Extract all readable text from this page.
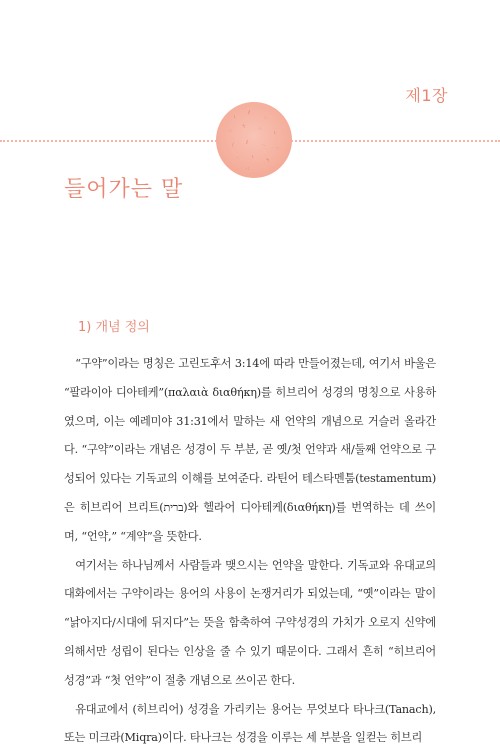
제1장
ι
ℓ
∴
·:
ϟ	⁘
ι
∕ ℓ	·.
∵
⁖	ι
ϟ
·:
들어가는 말
1) 개념 정의

“구약”이라는 명칭은 고린도후서 3:14에 따라 만들어졌는데, 여기서 바울은 “팔라이아 디아테케”(παλαιὰ διαθήκη)를 히브리어 성경의 명칭으로 사용하였으며, 이는 예레미야 31:31에서 말하는 새 언약의 개념으로 거슬러 올라간다. “구약”이라는 개념은 성경이 두 부분, 곧 옛/첫 언약과 새/둘째 언약으로 구성되어 있다는 기독교의 이해를 보여준다. 라틴어 테스타멘툼(testamentum)은 히브리어 브리트(ברית)와 헬라어 디아테케(διαθήκη)를 번역하는 데 쓰이며, “언약,” “계약”을 뜻한다.

여기서는 하나님께서 사람들과 맺으시는 언약을 말한다. 기독교와 유대교의 대화에서는 구약이라는 용어의 사용이 논쟁거리가 되었는데, “옛”이라는 말이 “낡아지다/시대에 뒤지다”는 뜻을 함축하여 구약성경의 가치가 오로지 신약에 의해서만 성립이 된다는 인상을 줄 수 있기 때문이다. 그래서 흔히 “히브리어 성경”과 “첫 언약”이 절충 개념으로 쓰이곤 한다.

유대교에서 (히브리어) 성경을 가리키는 용어는 무엇보다 타나크(Tanach), 또는 미크라(Miqra)이다. 타나크는 성경을 이루는 세 부분을 일컫는 히브리
